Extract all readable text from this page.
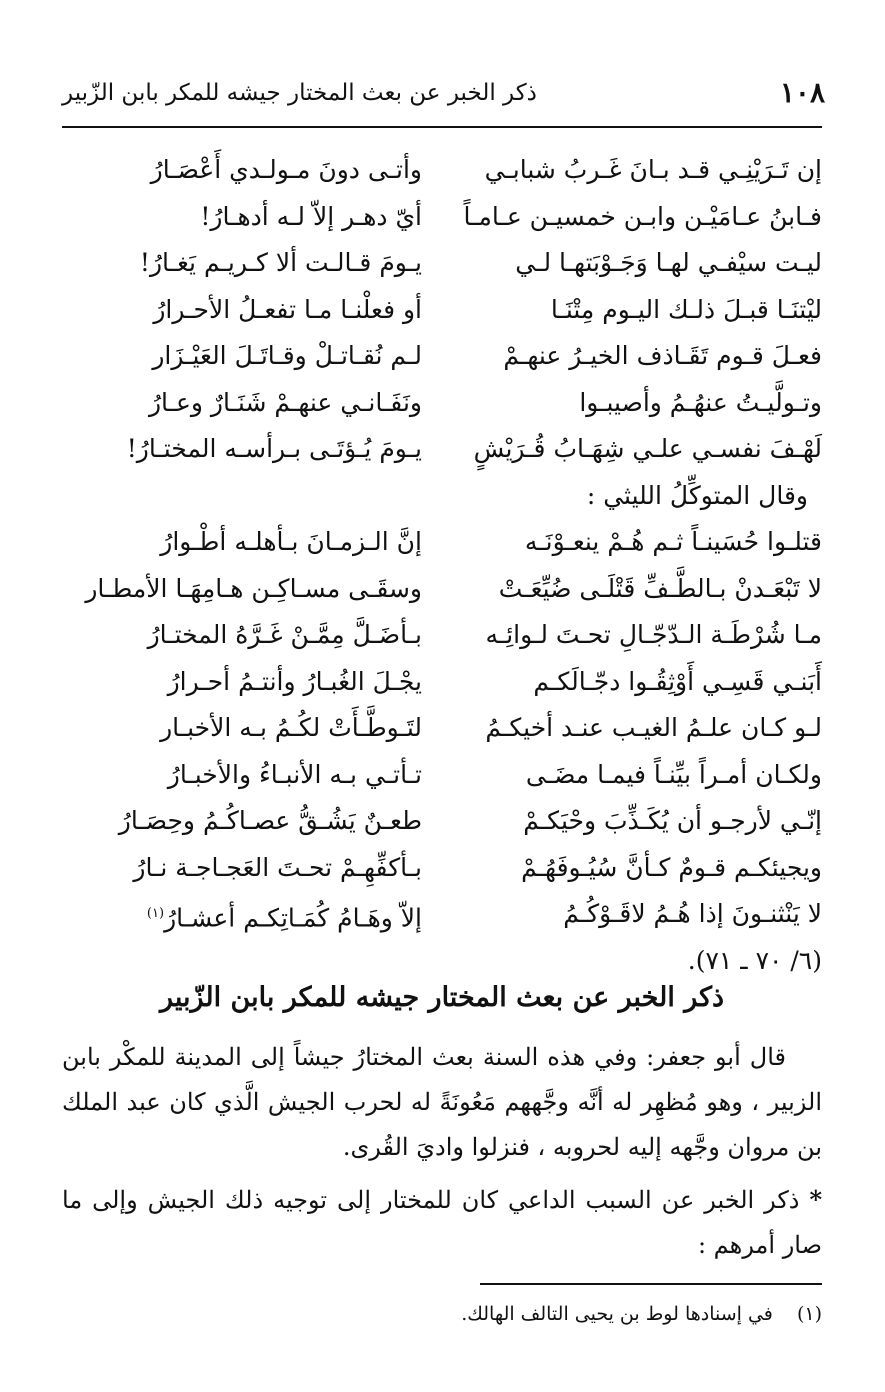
١٠٨
ذكر الخبر عن بعث المختار جيشه للمكر بابن الزّبير
إن تَـرَيْنِـي قـد بـانَ غَـربُ شبابـي
فـابنُ عـامَيْـن وابـن خمسيـن عـامـاً
ليـت سيْفـي لهـا وَجَـوْبَتهـا لـي
ليْتنَـا قبـلَ ذلـك اليـوم مِتْنَـا
فعـلَ قـوم تَقَـاذف الخيـرُ عنهـمْ
وتـولَّيـتُ عنهُـمُ وأصيبـوا
لَهْـفَ نفسـي علـي شِهَـابُ قُـرَيْشٍ
وقال المتوكِّلُ الليثي :
قتلـوا حُسَينـاً ثـم هُـمْ ينعـوْنَـه
لا تَبْعَـدنْ بـالطَّـفِّ قَتْلَـى ضُيِّعَـتْ
مـا شُرْطَـة الـدّجّـالِ تحـتَ لـوائِـه
أَبَنـي قَسِـي أَوْثِقُـوا دجّـالَكـم
لـو كـان علـمُ الغيـب عنـد أخيكـمُ
ولكـان أمـراً بيِّنـاً فيمـا مضَـى
إنّـي لأرجـو أن يُكَـذِّبَ وحْيَكـمْ
ويجيئكـم قـومٌ كـأنَّ سُيُـوفَهُـمْ
لا يَنْثنـونَ إذا هُـمُ لاقَـوْكُـمُ
(٦/ ٧٠ ـ ٧١).
وأتـى دونَ مـولـدي أَعْصَـارُ
أيّ دهـر إلاّ لـه أدهـارُ!
يـومَ قـالـت ألا كـريـم يَغـارُ!
أو فعلْنـا مـا تفعـلُ الأحـرارُ
لـم نُقـاتـلْ وقـاتَـلَ العَيْـزَار
ونَفَـانـي عنهـمْ شَنَـارٌ وعـارُ
يـومَ يُـؤتَـى بـرأسـه المختـارُ!
إنَّ الـزمـانَ بـأهلـه أطْـوارُ
وسقَـى مسـاكِـن هـامِهَـا الأمطـار
بـأضَـلَّ مِمَّـنْ غَـرَّهُ المختـارُ
يجْـلَ الغُبـارُ وأنتـمُ أحـرارُ
لتَـوطَّـأَتْ لكُـمُ بـه الأخبـار
تـأتـي بـه الأنبـاءُ والأخبـارُ
طعـنٌ يَشُـقُّ عصـاكُـمُ وحِصَـارُ
بـأكفِّهِـمْ تحـتَ العَجـاجـة نـارُ
إلاّ وهَـامُ كُمَـاتِكـم أعشـارُ$^{(١)}$
ذكر الخبر عن بعث المختار جيشه للمكر بابن الزّبير

قال أبو جعفر: وفي هذه السنة بعث المختارُ جيشاً إلى المدينة للمكْر بابن الزبير ، وهو مُظهِر له أنَّه وجَّههم مَعُونَةً له لحرب الجيش الَّذي كان عبد الملك بن مروان وجَّهه إليه لحروبه ، فنزلوا واديَ القُرى.

* ذكر الخبر عن السبب الداعي كان للمختار إلى توجيه ذلك الجيش وإلى ما صار أمرهم :

(١) في إسنادها لوط بن يحيى التالف الهالك.
